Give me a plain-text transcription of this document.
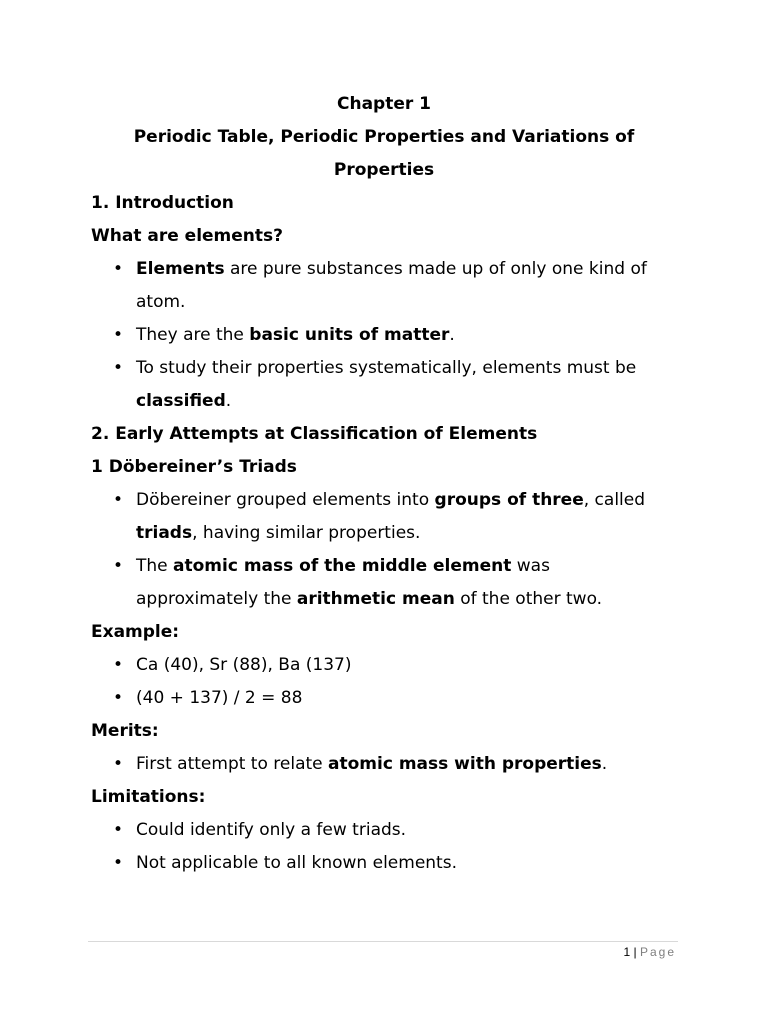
Chapter 1
Periodic Table, Periodic Properties and Variations of
Properties
1. Introduction
What are elements?
• Elements are pure substances made up of only one kind of
atom.
• They are the basic units of matter.
• To study their properties systematically, elements must be
classified.
2. Early Attempts at Classification of Elements
1 Döbereiner’s Triads
• Döbereiner grouped elements into groups of three, called
triads, having similar properties.
• The atomic mass of the middle element was
approximately the arithmetic mean of the other two.
Example:
• Ca (40), Sr (88), Ba (137)
• (40 + 137) / 2 = 88
Merits:
• First attempt to relate atomic mass with properties.
Limitations:
• Could identify only a few triads.
• Not applicable to all known elements.
1 | Page
